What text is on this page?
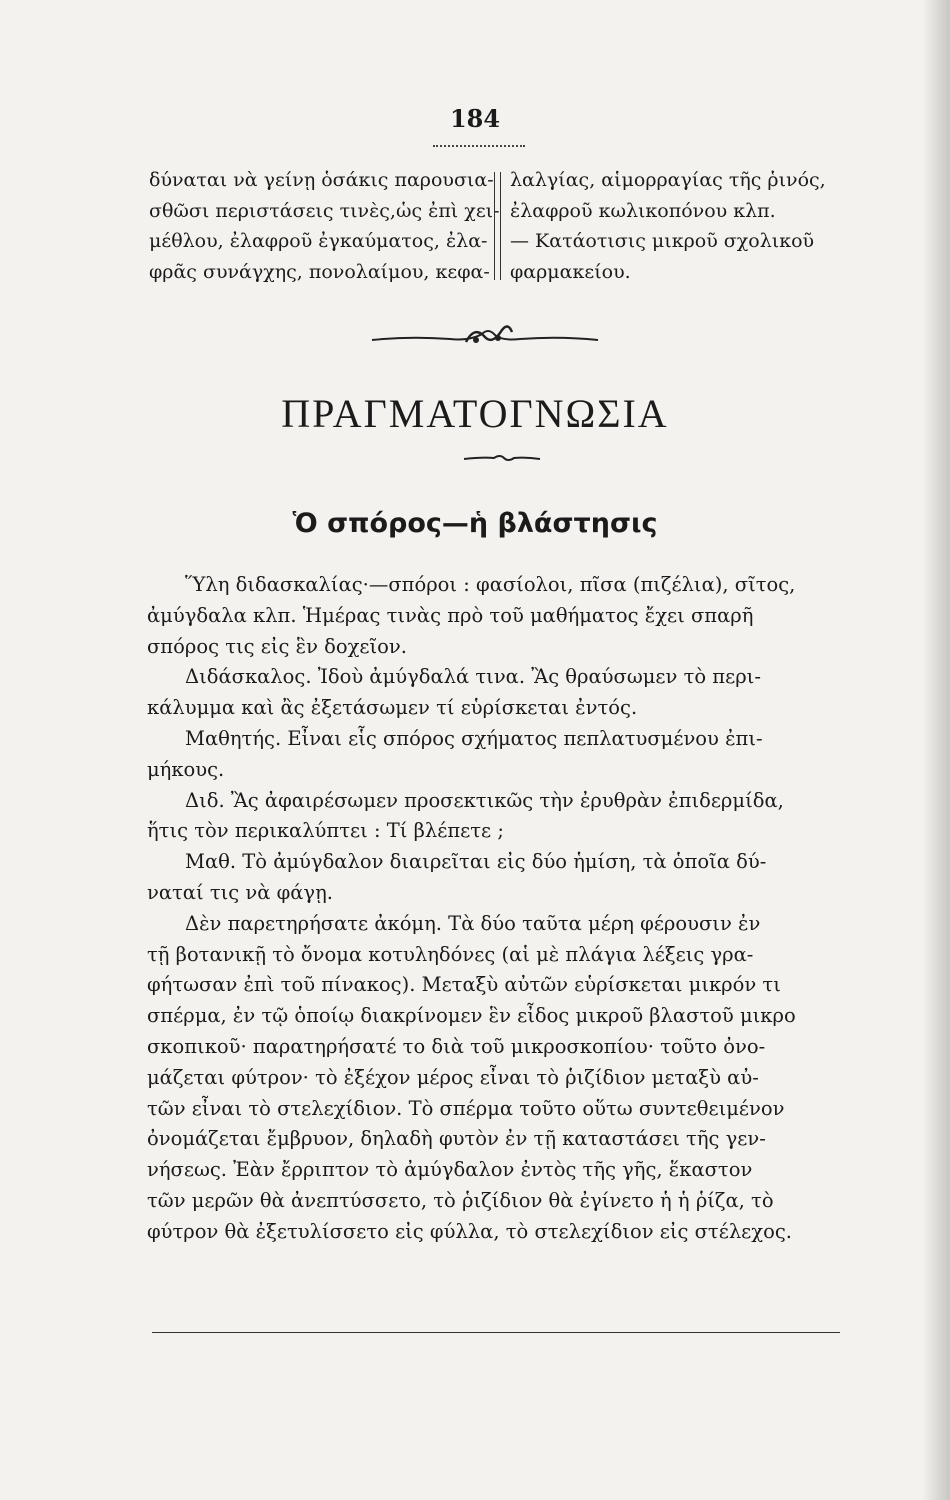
184

δύναται νὰ γείνῃ ὁσάκις παρουσια-

σθῶσι περιστάσεις τινὲς,ὡς ἐπὶ χει-

μέθλου, ἐλαφροῦ ἐγκαύματος, ἐλα-

φρᾶς συνάγχης, πονολαίμου, κεφα-

λαλγίας, αἱμορραγίας τῆς ῥινός,

ἐλαφροῦ κωλικοπόνου κλπ.

— Κατάοτισις μικροῦ σχολικοῦ

φαρμακείου.

ΠΡΑΓΜΑΤΟΓΝΩΣΙΑ
Ὁ σπόρος—ἡ βλάστησις

Ὕλη διδασκαλίας·—σπόροι : φασίολοι, πῖσα (πιζέλια), σῖτος,

ἀμύγδαλα κλπ. Ἡμέρας τινὰς πρὸ τοῦ μαθήματος ἔχει σπαρῆ

σπόρος τις εἰς ἓν δοχεῖον.

Διδάσκαλος. Ἰδοὺ ἀμύγδαλά τινα. Ἂς θραύσωμεν τὸ περι-

κάλυμμα καὶ ἂς ἐξετάσωμεν τί εὑρίσκεται ἐντός.

Μαθητής. Εἶναι εἷς σπόρος σχήματος πεπλατυσμένου ἐπι-

μήκους.

Διδ. Ἂς ἀφαιρέσωμεν προσεκτικῶς τὴν ἐρυθρὰν ἐπιδερμίδα,

ἥτις τὸν περικαλύπτει : Τί βλέπετε ;

Μαθ. Τὸ ἀμύγδαλον διαιρεῖται εἰς δύο ἡμίση, τὰ ὁποῖα δύ-

ναταί τις νὰ φάγῃ.

Δὲν παρετηρήσατε ἀκόμη. Τὰ δύο ταῦτα μέρη φέρουσιν ἐν

τῇ βοτανικῇ τὸ ὄνομα κοτυληδόνες (αἱ μὲ πλάγια λέξεις γρα-

φήτωσαν ἐπὶ τοῦ πίνακος). Μεταξὺ αὐτῶν εὑρίσκεται μικρόν τι

σπέρμα, ἐν τῷ ὁποίῳ διακρίνομεν ἓν εἶδος μικροῦ βλαστοῦ μικρο

σκοπικοῦ· παρατηρήσατέ το διὰ τοῦ μικροσκοπίου· τοῦτο ὀνο-

μάζεται φύτρον· τὸ ἐξέχον μέρος εἶναι τὸ ῥιζίδιον μεταξὺ αὐ-

τῶν εἶναι τὸ στελεχίδιον. Τὸ σπέρμα τοῦτο οὕτω συντεθειμένον

ὀνομάζεται ἔμβρυον, δηλαδὴ φυτὸν ἐν τῇ καταστάσει τῆς γεν-

νήσεως. Ἐὰν ἔρριπτον τὸ ἀμύγδαλον ἐντὸς τῆς γῆς, ἕκαστον

τῶν μερῶν θὰ ἀνεπτύσσετο, τὸ ῥιζίδιον θὰ ἐγίνετο ἡ ἡ ῥίζα, τὸ

φύτρον θὰ ἐξετυλίσσετο εἰς φύλλα, τὸ στελεχίδιον εἰς στέλεχος.
